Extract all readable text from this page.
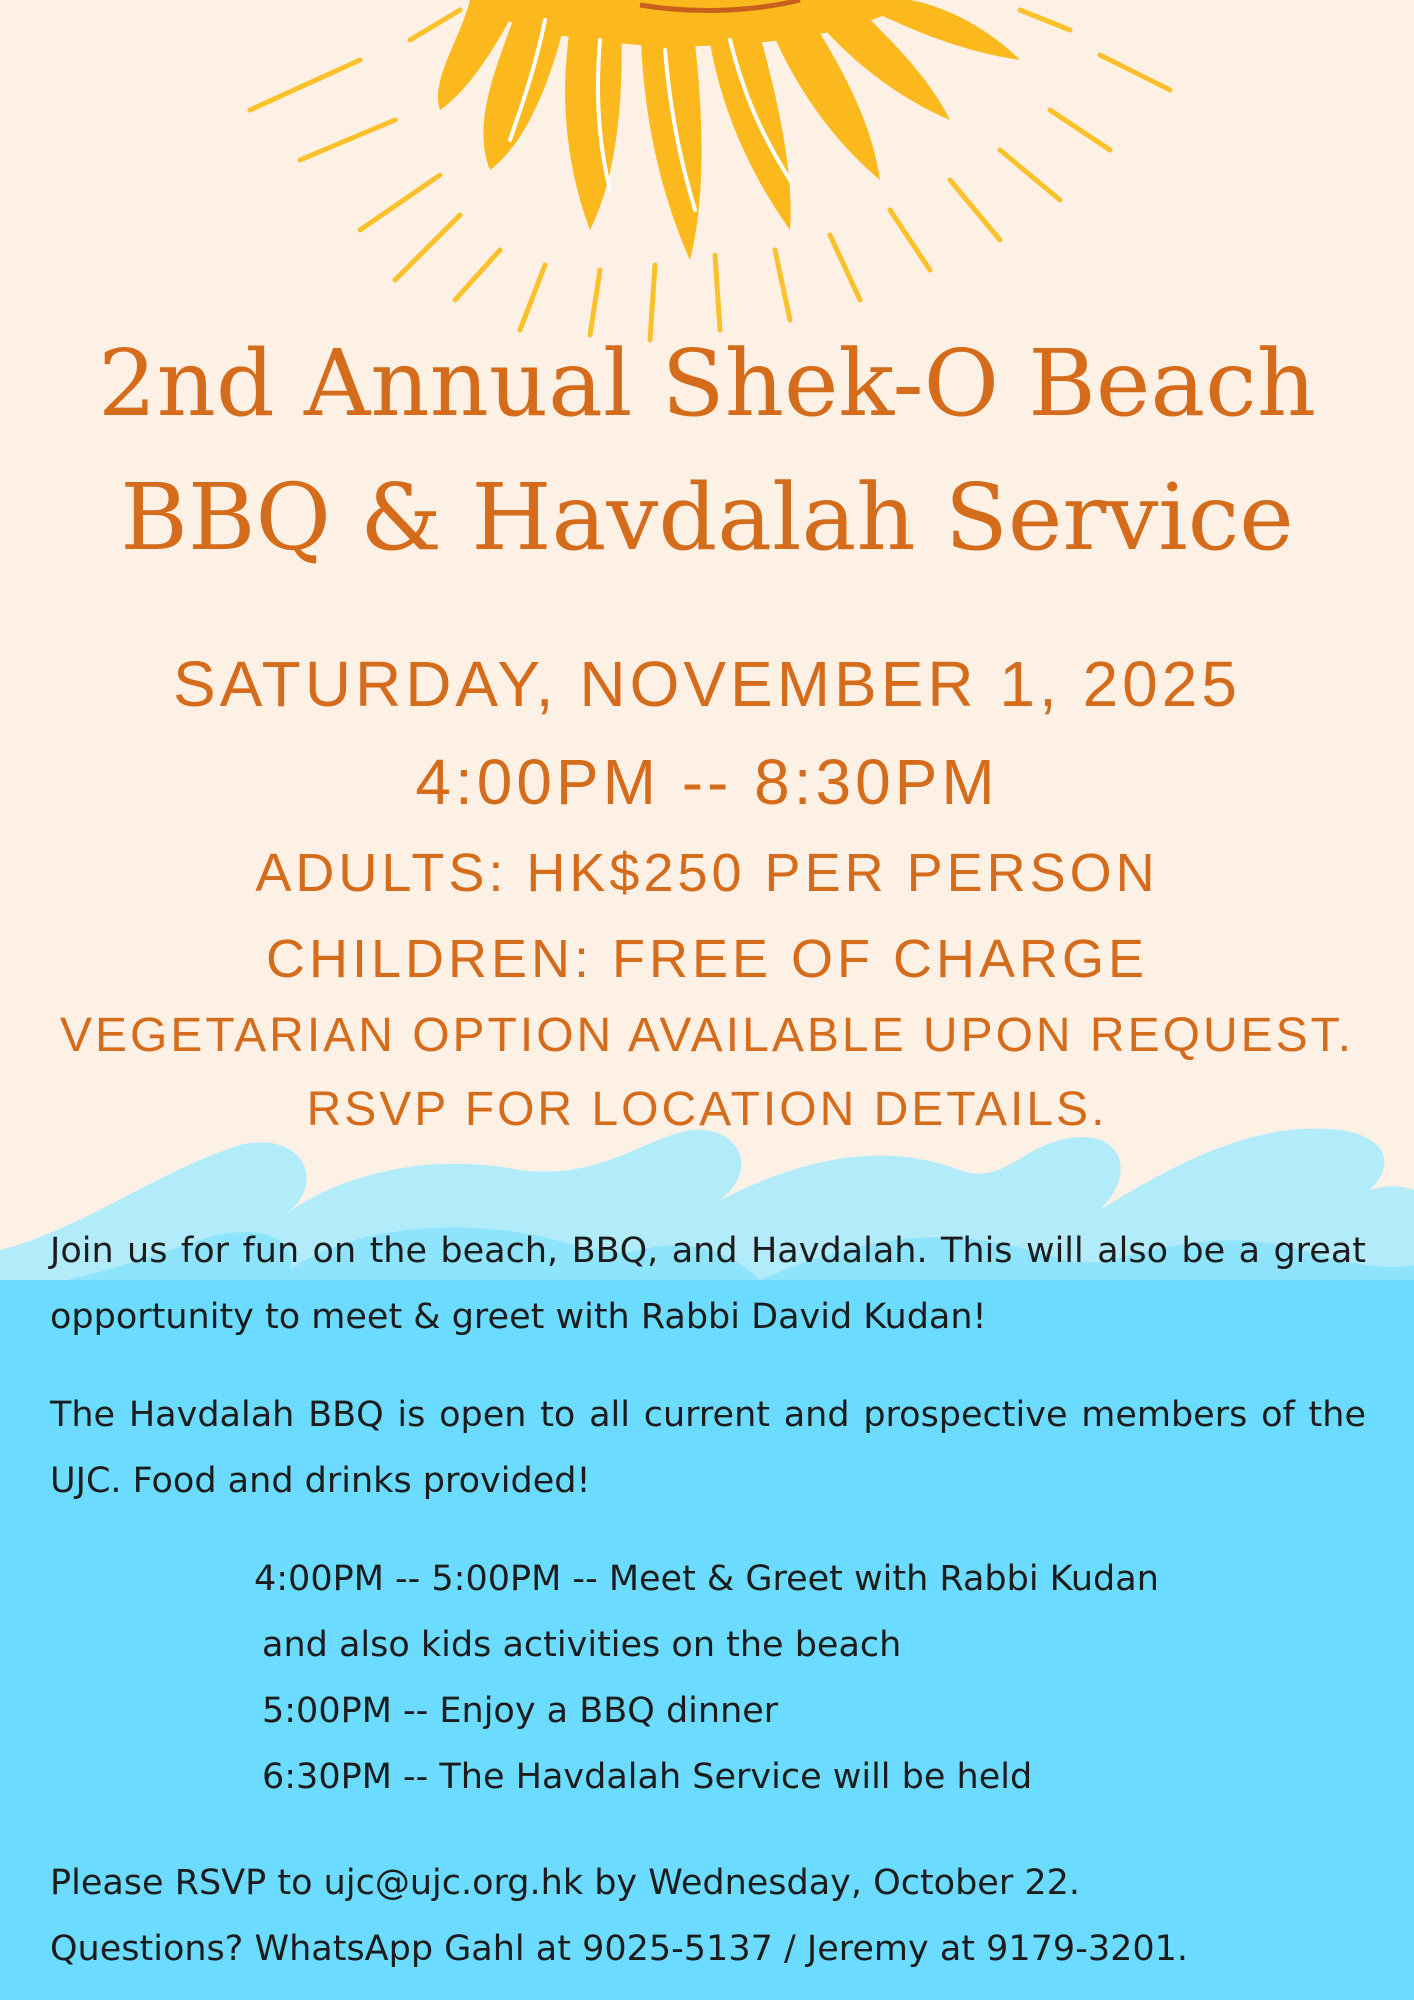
2nd Annual Shek-O Beach
BBQ & Havdalah Service
SATURDAY, NOVEMBER 1, 2025
4:00PM -- 8:30PM
ADULTS: HK$250 PER PERSON
CHILDREN: FREE OF CHARGE
VEGETARIAN OPTION AVAILABLE UPON REQUEST.
RSVP FOR LOCATION DETAILS.

Join us for fun on the beach, BBQ, and Havdalah. This will also be a great opportunity to meet & greet with Rabbi David Kudan!

The Havdalah BBQ is open to all current and prospective members of the UJC. Food and drinks provided!

4:00PM -- 5:00PM -- Meet & Greet with Rabbi Kudan
and also kids activities on the beach
5:00PM -- Enjoy a BBQ dinner
6:30PM -- The Havdalah Service will be held

Please RSVP to ujc@ujc.org.hk by Wednesday, October 22.
Questions? WhatsApp Gahl at 9025-5137 / Jeremy at 9179-3201.
